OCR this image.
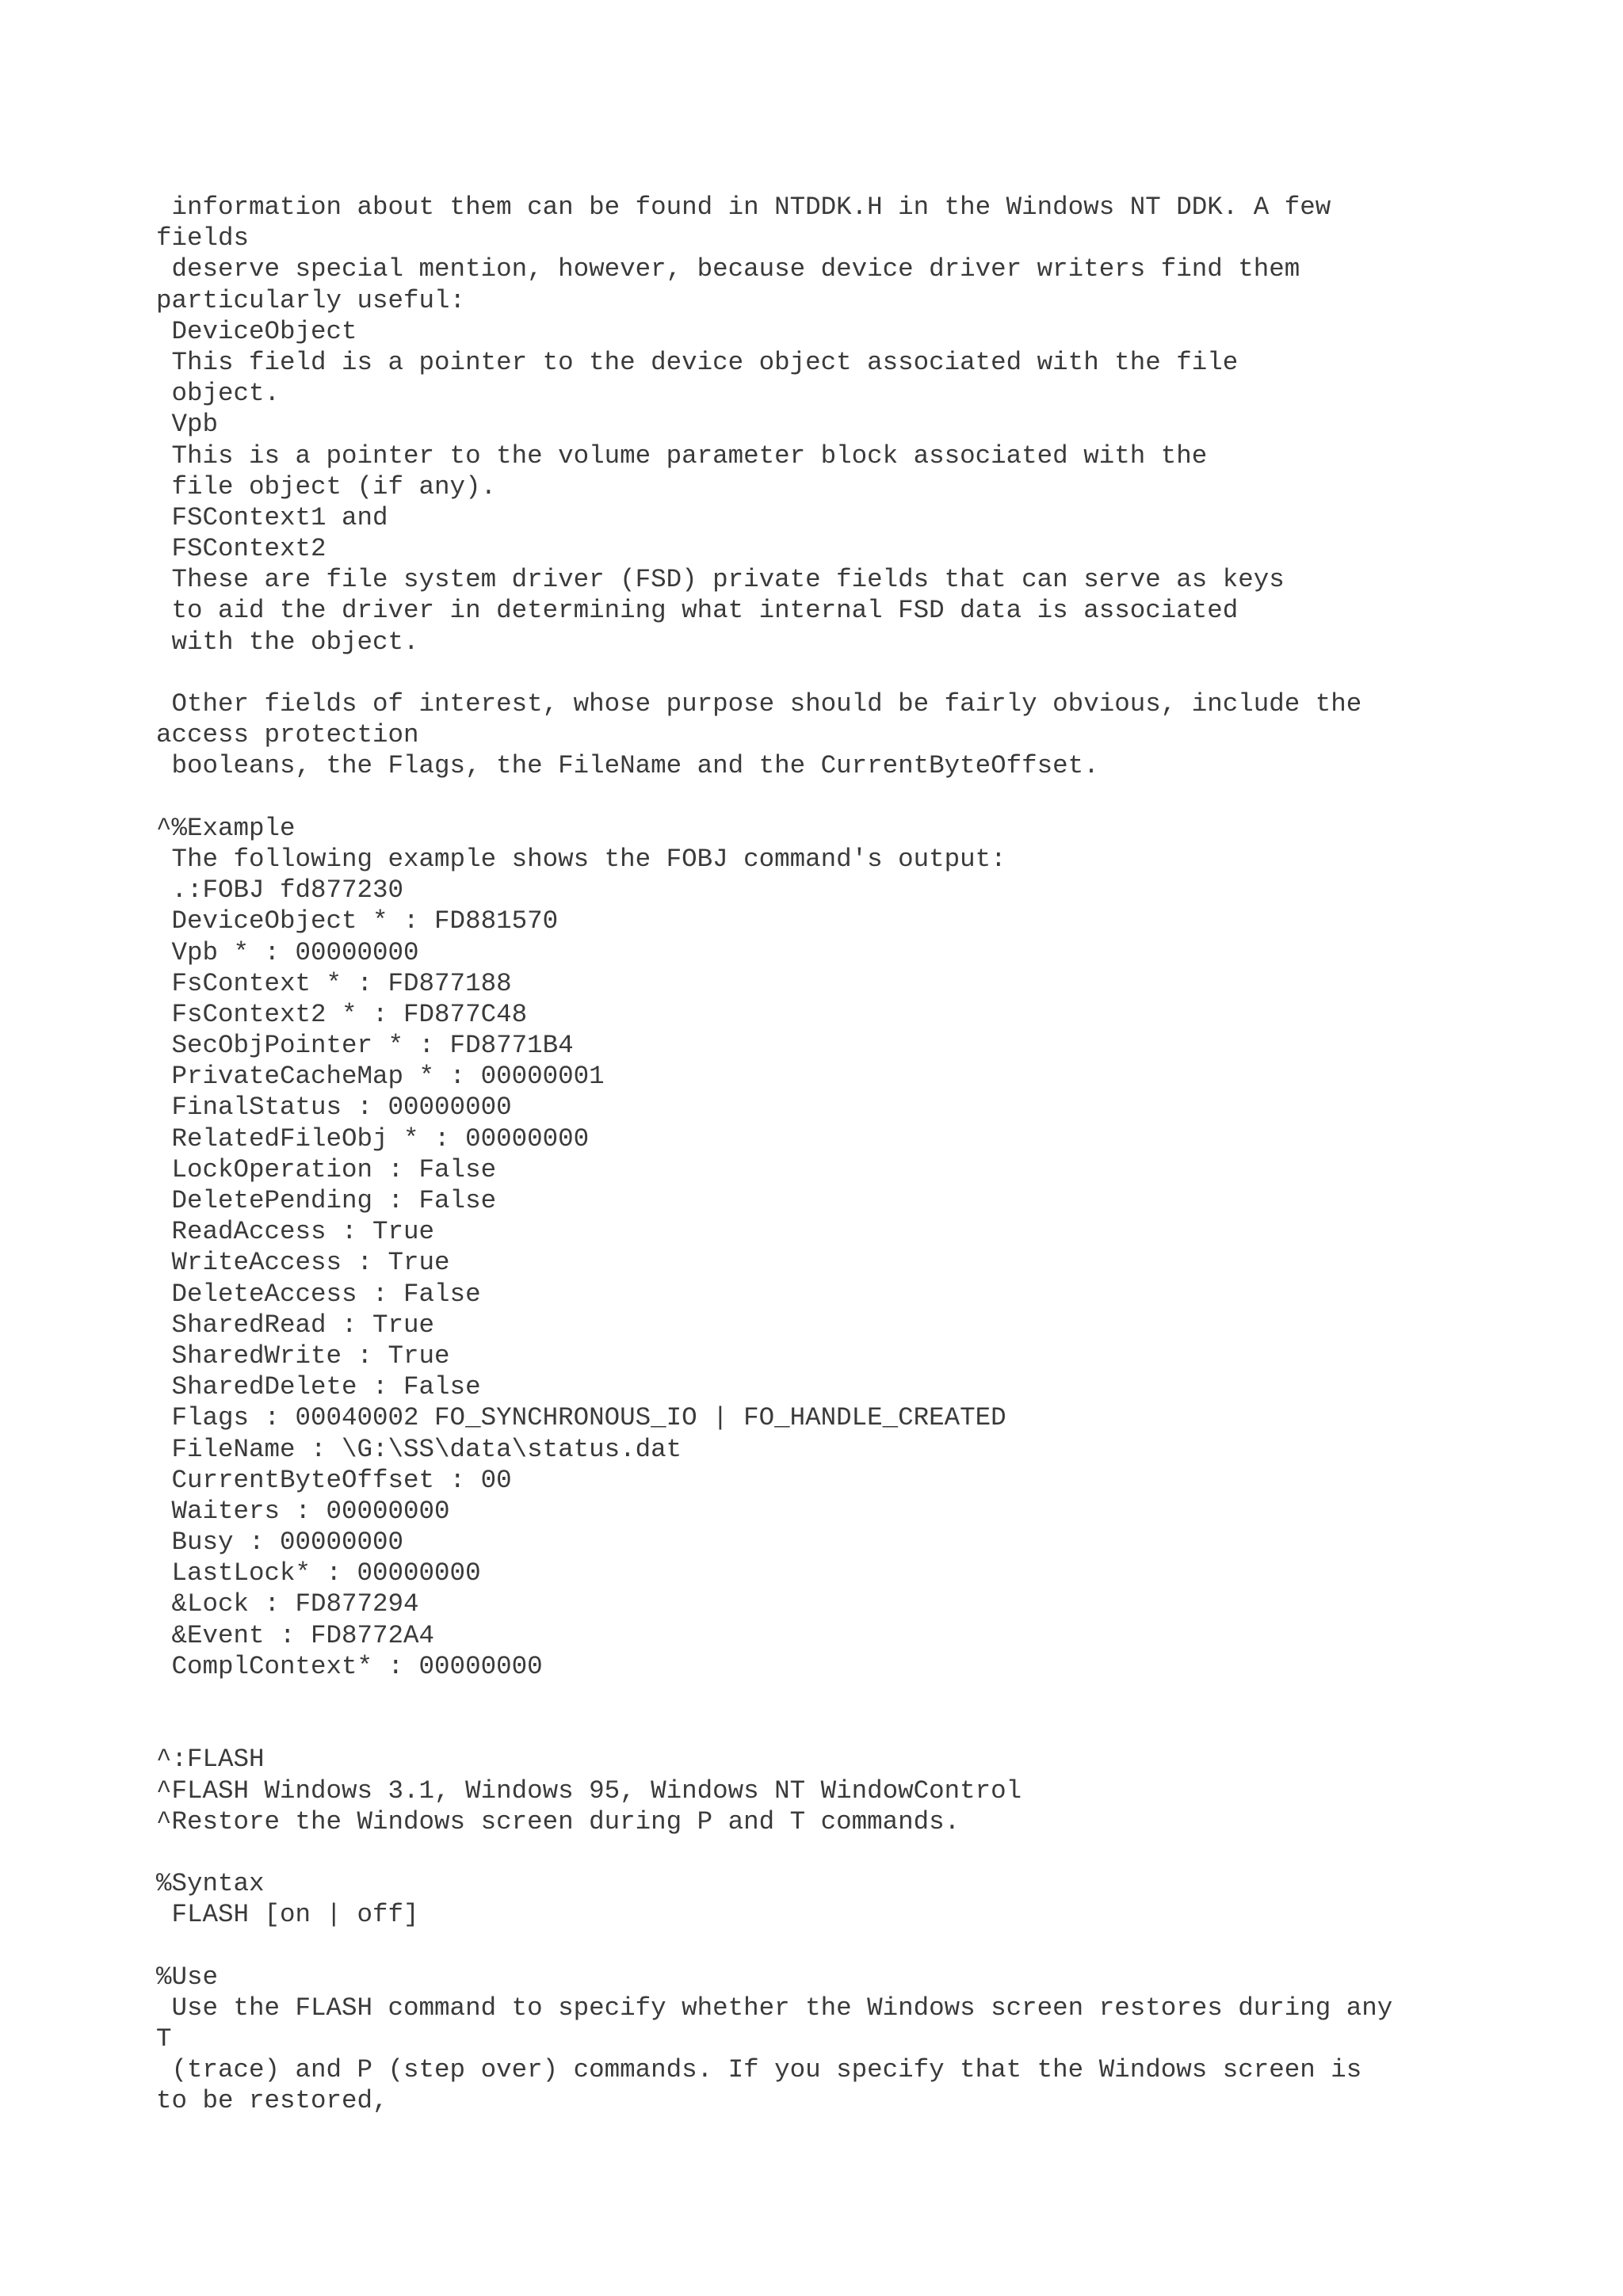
information about them can be found in NTDDK.H in the Windows NT DDK. A few
fields
deserve special mention, however, because device driver writers find them
particularly useful:
DeviceObject
This field is a pointer to the device object associated with the file
object.
Vpb
This is a pointer to the volume parameter block associated with the
file object (if any).
FSContext1 and
FSContext2
These are file system driver (FSD) private fields that can serve as keys
to aid the driver in determining what internal FSD data is associated
with the object.
Other fields of interest, whose purpose should be fairly obvious, include the
access protection
booleans, the Flags, the FileName and the CurrentByteOffset.
^%Example
The following example shows the FOBJ command's output:
.:FOBJ fd877230
DeviceObject * : FD881570
Vpb * : 00000000
FsContext * : FD877188
FsContext2 * : FD877C48
SecObjPointer * : FD8771B4
PrivateCacheMap * : 00000001
FinalStatus : 00000000
RelatedFileObj * : 00000000
LockOperation : False
DeletePending : False
ReadAccess : True
WriteAccess : True
DeleteAccess : False
SharedRead : True
SharedWrite : True
SharedDelete : False
Flags : 00040002 FO_SYNCHRONOUS_IO | FO_HANDLE_CREATED
FileName : \G:\SS\data\status.dat
CurrentByteOffset : 00
Waiters : 00000000
Busy : 00000000
LastLock* : 00000000
&Lock : FD877294
&Event : FD8772A4
ComplContext* : 00000000
^:FLASH
^FLASH Windows 3.1, Windows 95, Windows NT WindowControl
^Restore the Windows screen during P and T commands.
%Syntax
FLASH [on | off]
%Use
Use the FLASH command to specify whether the Windows screen restores during any
T
(trace) and P (step over) commands. If you specify that the Windows screen is
to be restored,
